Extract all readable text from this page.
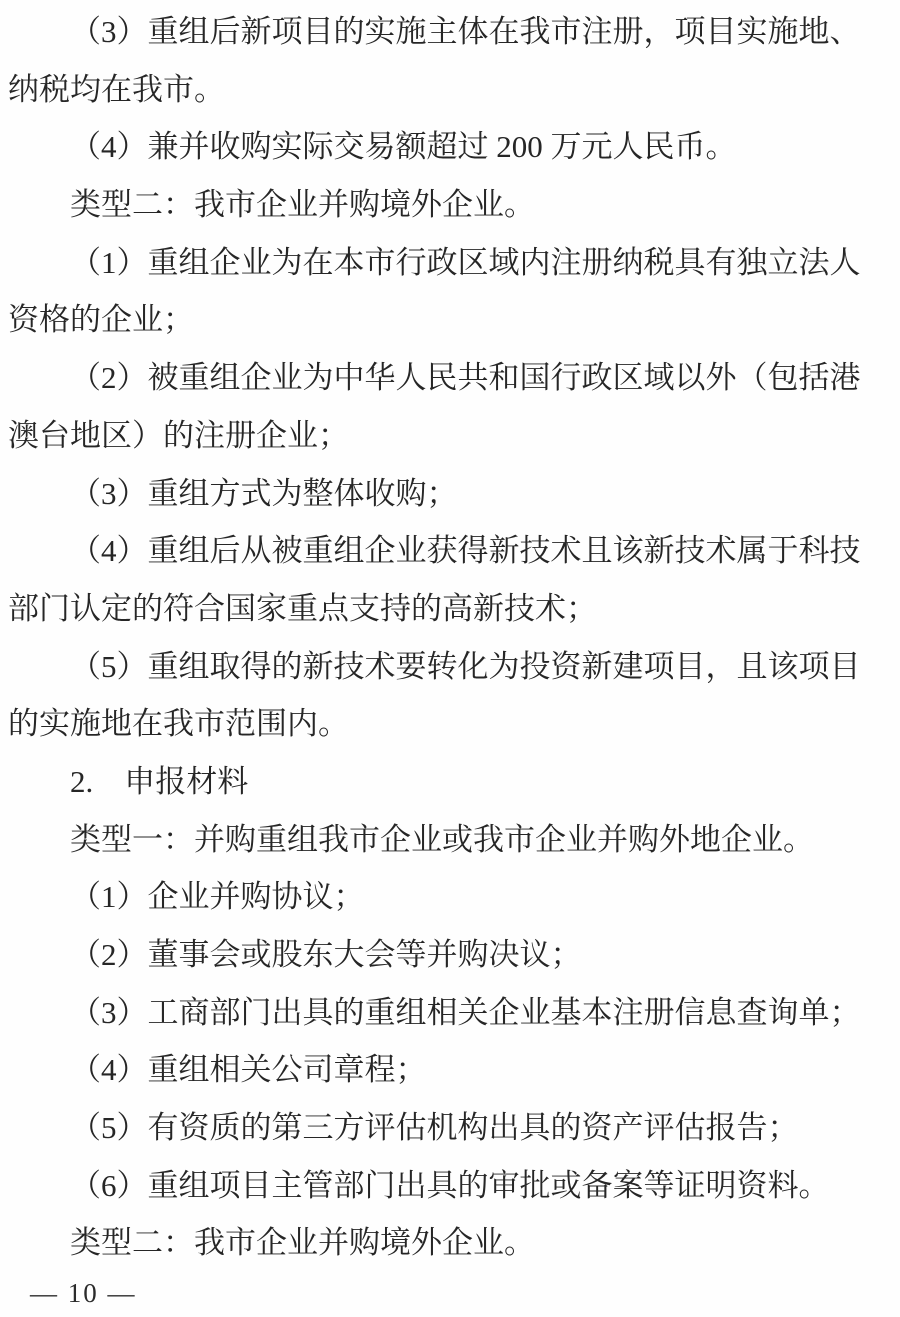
（3）重组后新项目的实施主体在我市注册，项目实施地、
纳税均在我市。
（4）兼并收购实际交易额超过 200 万元人民币。
类型二：我市企业并购境外企业。
（1）重组企业为在本市行政区域内注册纳税具有独立法人
资格的企业；
（2）被重组企业为中华人民共和国行政区域以外（包括港
澳台地区）的注册企业；
（3）重组方式为整体收购；
（4）重组后从被重组企业获得新技术且该新技术属于科技
部门认定的符合国家重点支持的高新技术；
（5）重组取得的新技术要转化为投资新建项目，且该项目
的实施地在我市范围内。
2.　申报材料
类型一：并购重组我市企业或我市企业并购外地企业。
（1）企业并购协议；
（2）董事会或股东大会等并购决议；
（3）工商部门出具的重组相关企业基本注册信息查询单；
（4）重组相关公司章程；
（5）有资质的第三方评估机构出具的资产评估报告；
（6）重组项目主管部门出具的审批或备案等证明资料。
类型二：我市企业并购境外企业。
— 10 —
